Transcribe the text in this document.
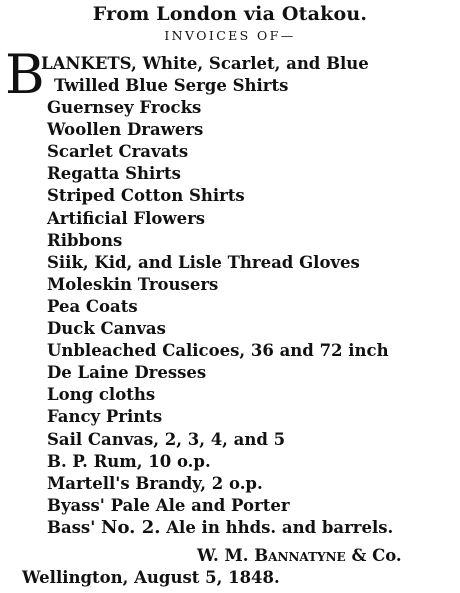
From London via Otakou.
INVOICES OF—
B
LANKETS, White, Scarlet, and Blue
Twilled Blue Serge Shirts
Guernsey Frocks
Woollen Drawers
Scarlet Cravats
Regatta Shirts
Striped Cotton Shirts
Artificial Flowers
Ribbons
Siik, Kid, and Lisle Thread Gloves
Moleskin Trousers
Pea Coats
Duck Canvas
Unbleached Calicoes, 36 and 72 inch
De Laine Dresses
Long cloths
Fancy Prints
Sail Canvas, 2, 3, 4, and 5
B. P. Rum, 10 o.p.
Martell's Brandy, 2 o.p.
Byass' Pale Ale and Porter
Bass' No. 2. Ale in hhds. and barrels.
W. M. Bannatyne & Co.
Wellington, August 5, 1848.
